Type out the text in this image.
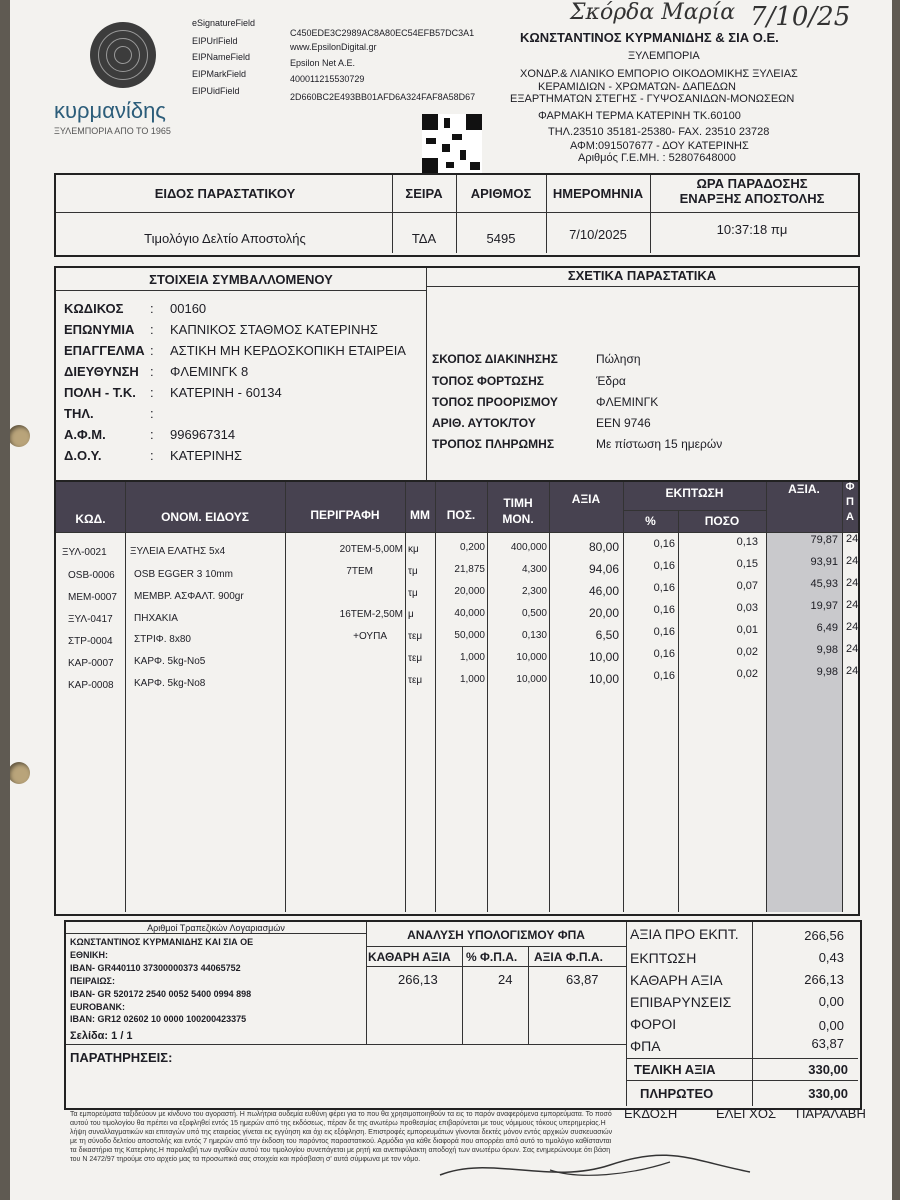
Σκόρδα Μαρία 7/10/25
κυρμανίδης
ΞΥΛΕΜΠΟΡΙΑ ΑΠΟ ΤΟ 1965
eSignatureField
C450EDE3C2989AC8A80EC54EFB57DC3A1
EIPUrlField
www.EpsilonDigital.gr
EIPNameField
Epsilon Net A.E.
EIPMarkField	400011215530729
EIPUidField
2D660BC2E493BB01AFD6A324FAF8A58D67
ΚΩΝΣΤΑΝΤΙΝΟΣ ΚΥΡΜΑΝΙΔΗΣ & ΣΙΑ Ο.Ε.
ΞΥΛΕΜΠΟΡΙΑ
ΧΟΝΔΡ.& ΛΙΑΝΙΚΟ ΕΜΠΟΡΙΟ ΟΙΚΟΔΟΜΙΚΗΣ ΞΥΛΕΙΑΣ
ΚΕΡΑΜΙΔΙΩΝ - ΧΡΩΜΑΤΩΝ- ΔΑΠΕΔΩΝ
ΕΞΑΡΤΗΜΑΤΩΝ ΣΤΕΓΗΣ - ΓΥΨΟΣΑΝΙΔΩΝ-ΜΟΝΩΣΕΩΝ
ΦΑΡΜΑΚΗ ΤΕΡΜΑ ΚΑΤΕΡΙΝΗ ΤΚ.60100
ΤΗΛ.23510 35181-25380- FAX. 23510 23728
ΑΦΜ:091507677 - ΔΟΥ ΚΑΤΕΡΙΝΗΣ
Αριθμός Γ.Ε.ΜΗ. : 52807648000
ΕΙΔΟΣ ΠΑΡΑΣΤΑΤΙΚΟΥ	ΣΕΙΡΑ	ΑΡΙΘΜΟΣ	ΗΜΕΡΟΜΗΝΙΑ
ΩΡΑ ΠΑΡΑΔΟΣΗΣ
ΕΝΑΡΞΗΣ ΑΠΟΣΤΟΛΗΣ
Τιμολόγιο Δελτίο Αποστολής	ΤΔΑ	5495	7/10/2025	10:37:18 πμ
ΣΤΟΙΧΕΙΑ ΣΥΜΒΑΛΛΟΜΕΝΟΥ	ΣΧΕΤΙΚΑ ΠΑΡΑΣΤΑΤΙΚΑ
ΚΩΔΙΚΟΣ : 00160
ΕΠΩΝΥΜΙΑ : ΚΑΠΝΙΚΟΣ ΣΤΑΘΜΟΣ ΚΑΤΕΡΙΝΗΣ
ΕΠΑΓΓΕΛΜΑ : ΑΣΤΙΚΗ ΜΗ ΚΕΡΔΟΣΚΟΠΙΚΗ ΕΤΑΙΡΕΙΑ
ΔΙΕΥΘΥΝΣΗ : ΦΛΕΜΙΝΓΚ 8
ΠΟΛΗ - Τ.Κ. : ΚΑΤΕΡΙΝΗ - 60134
ΤΗΛ.	:
Α.Φ.Μ.	: 996967314
Δ.Ο.Υ.	: ΚΑΤΕΡΙΝΗΣ
ΣΚΟΠΟΣ ΔΙΑΚΙΝΗΣΗΣ	Πώληση
ΤΟΠΟΣ ΦΟΡΤΩΣΗΣ	Έδρα
ΤΟΠΟΣ ΠΡΟΟΡΙΣΜΟΥ	ΦΛΕΜΙΝΓΚ
ΑΡΙΘ. ΑΥΤΟΚ/ΤΟΥ	ΕΕΝ 9746
ΤΡΟΠΟΣ ΠΛΗΡΩΜΗΣ	Με πίστωση 15 ημερών
ΚΩΔ.	ΟΝΟΜ. ΕΙΔΟΥΣ	ΠΕΡΙΓΡΑΦΗ	ΜΜ	ΠΟΣ.
ΤΙΜΗ
ΜΟΝ.
ΑΞΙΑ	ΕΚΠΤΩΣΗ
%	ΠΟΣΟ
ΑΞΙΑ.	Φ
Π
Α
ΞΥΛ-0021 ΞΥΛΕΙΑ ΕΛΑΤΗΣ 5x4	20ΤΕΜ-5,00Μ κμ	0,200	400,000	80,00	0,16	0,13	79,87 24
OSB-0006 OSB EGGER 3 10mm	7ΤΕΜ	τμ	21,875	4,300	94,06	0,16	0,15	93,91 24
ΜΕΜ-0007 ΜΕΜΒΡ. ΑΣΦΑΛΤ. 900gr	τμ	20,000	2,300	46,00	0,16	0,07	45,93 24
ΞΥΛ-0417 ΠΗΧΑΚΙΑ	16ΤΕΜ-2,50Μ μ	40,000	0,500	20,00	0,16	0,03	19,97 24
ΣΤΡ-0004 ΣΤΡΙΦ. 8x80	+ΟΥΠΑ τεμ	50,000	0,130	6,50	0,16	0,01	6,49 24
ΚΑΡ-0007 ΚΑΡΦ. 5kg-No5	τεμ	1,000	10,000	10,00	0,16	0,02	9,98 24
ΚΑΡ-0008 ΚΑΡΦ. 5kg-No8	τεμ	1,000	10,000	10,00	0,16	0,02	9,98 24
Αριθμοί Τραπεζικών Λογαριασμών
ΚΩΝΣΤΑΝΤΙΝΟΣ ΚΥΡΜΑΝΙΔΗΣ ΚΑΙ ΣΙΑ ΟΕ
ΕΘΝΙΚΗ:
IBAN- GR440110 37300000373 44065752
ΠΕΙΡΑΙΩΣ:
IBAN- GR 520172 2540 0052 5400 0994 898
EUROBANK:
IBAN: GR12 02602 10 0000 100200423375
Σελίδα: 1 / 1
ΠΑΡΑΤΗΡΗΣΕΙΣ:
ΑΝΑΛΥΣΗ ΥΠΟΛΟΓΙΣΜΟΥ ΦΠΑ
ΚΑΘΑΡΗ ΑΞΙΑ % Φ.Π.Α. ΑΞΙΑ Φ.Π.Α.
266,13	24	63,87
ΑΞΙΑ ΠΡΟ ΕΚΠΤ.	266,56
ΕΚΠΤΩΣΗ	0,43
ΚΑΘΑΡΗ ΑΞΙΑ	266,13
ΕΠΙΒΑΡΥΝΣΕΙΣ	0,00
ΦΟΡΟΙ	0,00
ΦΠΑ	63,87
ΤΕΛΙΚΗ ΑΞΙΑ	330,00
ΠΛΗΡΩΤΕΟ	330,00
ΕΚΔΟΣΗ	ΕΛΕΓΧΟΣ ΠΑΡΑΛΑΒΗ
Τα εμπορεύματα ταξιδεύουν με κίνδυνο του αγοραστή. Η πωλήτρια ουδεμία ευθύνη φέρει για το που θα χρησιμοποιηθούν τα εις το παρόν αναφερόμενα εμπορεύματα. Το ποσό αυτού του τιμολογίου θα πρέπει να εξοφληθεί εντός 15 ημερών από της εκδόσεως, πέραν δε της ανωτέρω προθεσμίας επιβαρύνεται με τους νόμιμους τόκους υπερημερίας.Η λήψη συναλλαγματικών και επιταγών υπό της εταιρείας γίνεται εις εγγύηση και όχι εις εξόφληση. Επιστροφές εμπορευμάτων γίνονται δεκτές μόνον εντός αρχικών συσκευασιών με τη σύνοδο δελτίου αποστολής και εντός 7 ημερών από την έκδοση του παρόντος παραστατικού. Αρμόδια για κάθε διαφορά που απορρέει από αυτό το τιμολόγιο καθίστανται τα δικαστήρια της Κατερίνης.Η παραλαβή των αγαθών αυτού του τιμολογίου συνεπάγεται με ρητή και ανεπιφύλακτη αποδοχή των ανωτέρω όρων. Σας ενημερώνουμε ότι βάση του Ν 2472/97 τηρούμε στο αρχείο μας τα προσωπικά σας στοιχεία και πρόσβαση σ' αυτά σύμφωνα με τον νόμο.
